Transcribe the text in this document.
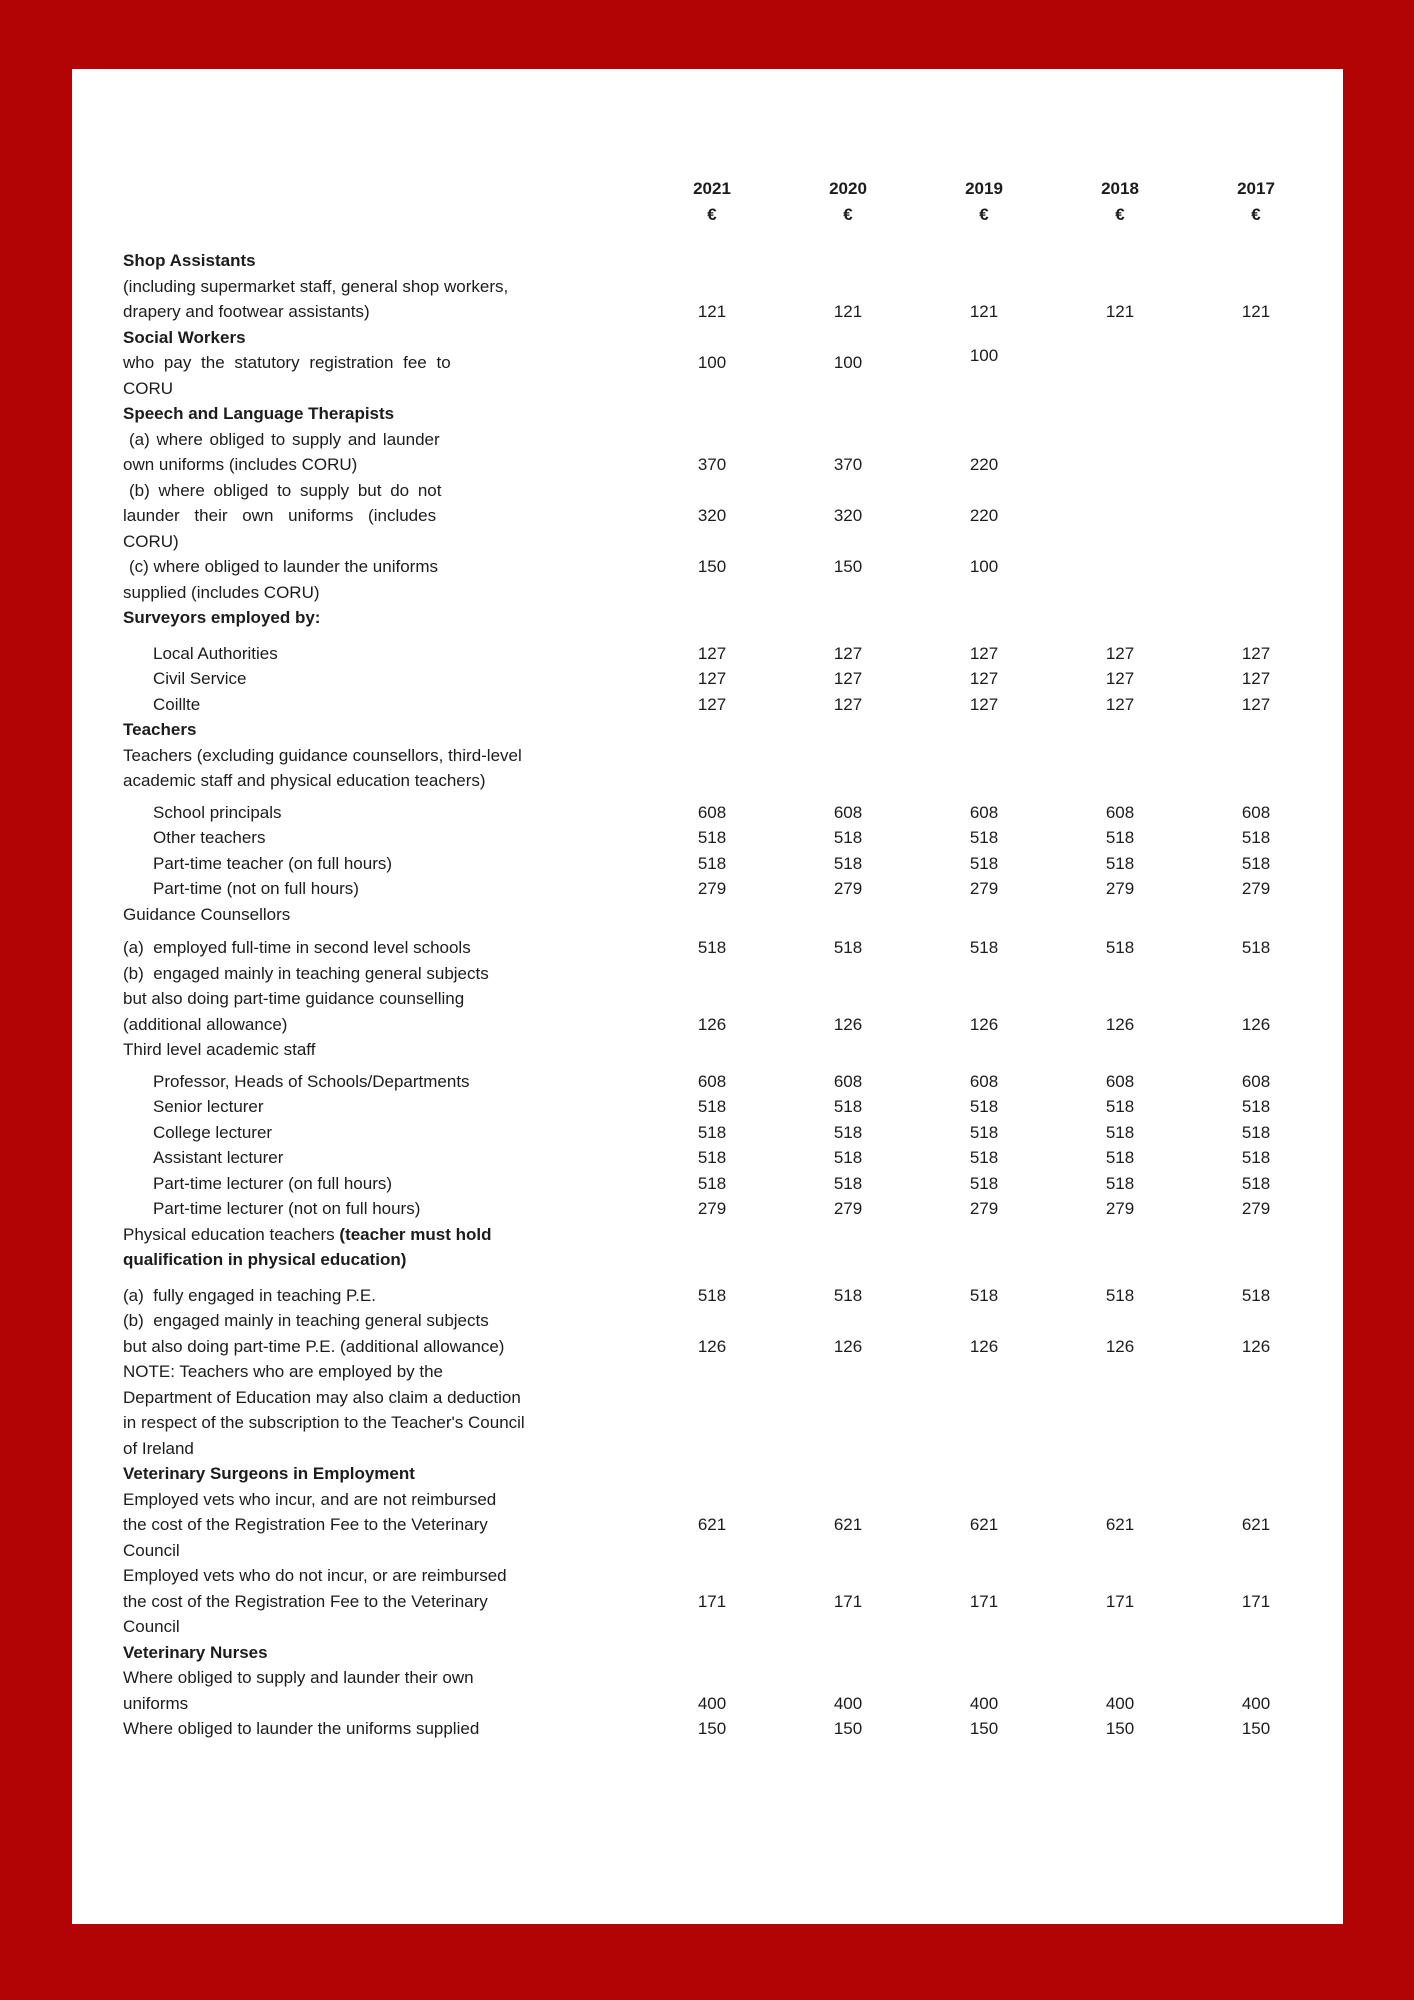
2021	2020	2019	2018	2017
€	€	€	€	€
Shop Assistants
(including supermarket staff, general shop workers,
drapery and footwear assistants)	121	121	121	121	121
Social Workers
who pay the statutory registration fee to	100	100	100
CORU
Speech and Language Therapists
(a) where obliged to supply and launder
own uniforms (includes CORU)	370	370	220
(b) where obliged to supply but do not
launder their own uniforms (includes	320	320	220
CORU)
(c) where obliged to launder the uniforms	150	150	100
supplied (includes CORU)
Surveyors employed by:
Local Authorities	127	127	127	127	127
Civil Service	127	127	127	127	127
Coillte	127	127	127	127	127
Teachers
Teachers (excluding guidance counsellors, third-level
academic staff and physical education teachers)
School principals	608	608	608	608	608
Other teachers	518	518	518	518	518
Part-time teacher (on full hours)	518	518	518	518	518
Part-time (not on full hours)	279	279	279	279	279
Guidance Counsellors
(a)  employed full-time in second level schools	518	518	518	518	518
(b)  engaged mainly in teaching general subjects
but also doing part-time guidance counselling
(additional allowance)	126	126	126	126	126
Third level academic staff
Professor, Heads of Schools/Departments	608	608	608	608	608
Senior lecturer	518	518	518	518	518
College lecturer	518	518	518	518	518
Assistant lecturer	518	518	518	518	518
Part-time lecturer (on full hours)	518	518	518	518	518
Part-time lecturer (not on full hours)	279	279	279	279	279
Physical education teachers (teacher must hold
qualification in physical education)
(a)  fully engaged in teaching P.E.	518	518	518	518	518
(b)  engaged mainly in teaching general subjects
but also doing part-time P.E. (additional allowance)	126	126	126	126	126
NOTE: Teachers who are employed by the
Department of Education may also claim a deduction
in respect of the subscription to the Teacher's Council
of Ireland
Veterinary Surgeons in Employment
Employed vets who incur, and are not reimbursed
the cost of the Registration Fee to the Veterinary	621	621	621	621	621
Council
Employed vets who do not incur, or are reimbursed
the cost of the Registration Fee to the Veterinary	171	171	171	171	171
Council
Veterinary Nurses
Where obliged to supply and launder their own
uniforms	400	400	400	400	400
Where obliged to launder the uniforms supplied	150	150	150	150	150
